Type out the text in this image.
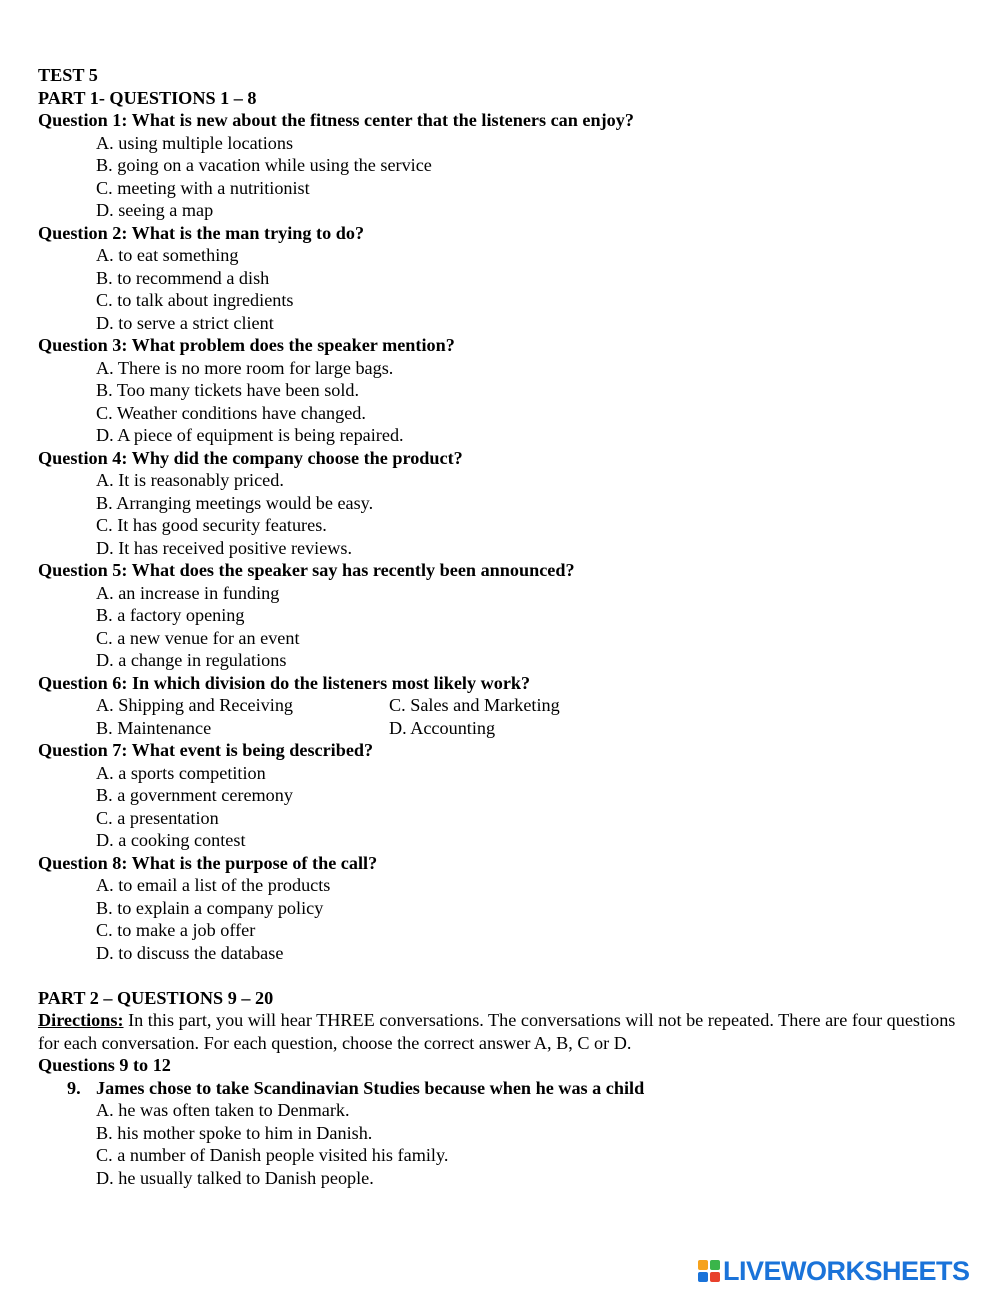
TEST 5
PART 1- QUESTIONS 1 – 8
Question 1: What is new about the fitness center that the listeners can enjoy?
A. using multiple locations
B. going on a vacation while using the service
C. meeting with a nutritionist
D. seeing a map
Question 2: What is the man trying to do?
A. to eat something
B. to recommend a dish
C. to talk about ingredients
D. to serve a strict client
Question 3: What problem does the speaker mention?
A. There is no more room for large bags.
B. Too many tickets have been sold.
C. Weather conditions have changed.
D. A piece of equipment is being repaired.
Question 4: Why did the company choose the product?
A. It is reasonably priced.
B. Arranging meetings would be easy.
C. It has good security features.
D. It has received positive reviews.
Question 5: What does the speaker say has recently been announced?
A. an increase in funding
B. a factory opening
C. a new venue for an event
D. a change in regulations
Question 6: In which division do the listeners most likely work?
A. Shipping and Receiving	C. Sales and Marketing
B. Maintenance	D. Accounting
Question 7: What event is being described?
A. a sports competition
B. a government ceremony
C. a presentation
D. a cooking contest
Question 8: What is the purpose of the call?
A. to email a list of the products
B. to explain a company policy
C. to make a job offer
D. to discuss the database
PART 2 – QUESTIONS 9 – 20
Directions: In this part, you will hear THREE conversations. The conversations will not be repeated. There are four questions for each conversation. For each question, choose the correct answer A, B, C or D.
Questions 9 to 12
9. James chose to take Scandinavian Studies because when he was a child
A. he was often taken to Denmark.
B. his mother spoke to him in Danish.
C. a number of Danish people visited his family.
D. he usually talked to Danish people.
LIVEWORKSHEETS
